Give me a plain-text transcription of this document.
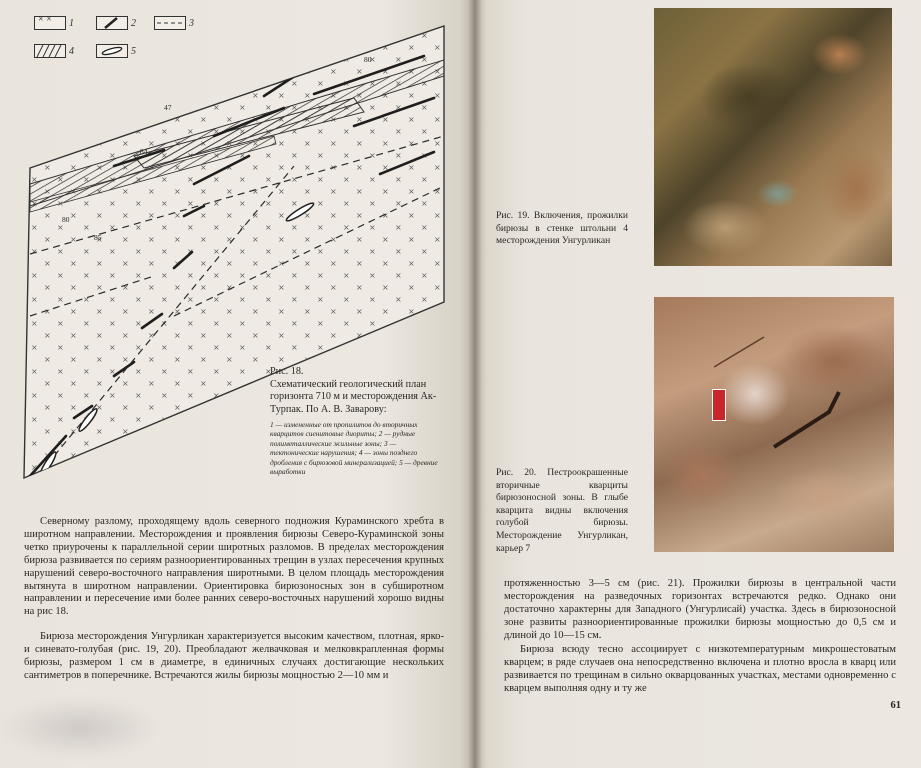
× × 1	2	3
4	5
47
84
80
85
80
Рис. 18.
Схематический геологический план горизонта 710 м и месторождения Ак-Турпак. По А. В. Заварову:
1 — измененные от пропилитов до вторичных кварцитов сиенитовые диориты; 2 — рудные полиметаллические жильные зоны; 3 — тектонические нарушения; 4 — зоны позднего дробления с бирюзовой минерализацией; 5 — древние выработки

Северному разлому, проходящему вдоль северного подножия Кураминского хребта в широтном направлении. Месторождения и проявления бирюзы Северо-Кураминской зоны четко приурочены к параллельной серии широтных разломов. В пределах месторождения бирюза развивается по сериям разноориентированных трещин в узлах пересечения крупных нарушений северо-восточного направления широтными. В целом площадь месторождения вытянута в широтном направлении. Ориентировка бирюзоносных зон в субширотном направлении и пересечение ими более ранних северо-восточных нарушений хорошо видны на рис 18.

Бирюза месторождения Унгурликан характеризуется высоким качеством, плотная, ярко- и синевато-голубая (рис. 19, 20). Преобладают желвачковая и мелковкрапленная формы бирюзы, размером 1 см в диаметре, в единичных случаях достигающие нескольких сантиметров в поперечнике. Встречаются жилы бирюзы мощностью 2—10 мм и

Рис. 19. Включения, прожилки бирюзы в стенке штольни 4 месторождения Унгурликан
Рис. 20. Пестроокрашенные вторичные кварциты бирюзоносной зоны. В глыбе кварцита видны включения голубой бирюзы. Месторождение Унгурликан, карьер 7

протяженностью 3—5 см (рис. 21). Прожилки бирюзы в центральной части месторождения на разведочных горизонтах встречаются редко. Однако они достаточно характерны для Западного (Унгурлисай) участка. Здесь в бирюзоносной зоне развиты разноориентированные прожилки бирюзы мощностью до 0,5 см и длиной до 10—15 см.

Бирюза всюду тесно ассоциирует с низкотемпературным микрошестоватым кварцем; в ряде случаев она непосредственно включена и плотно вросла в кварц или развивается по трещинам в сильно окварцованных участках, местами одновременно с кварцем выполняя одну и ту же

61
